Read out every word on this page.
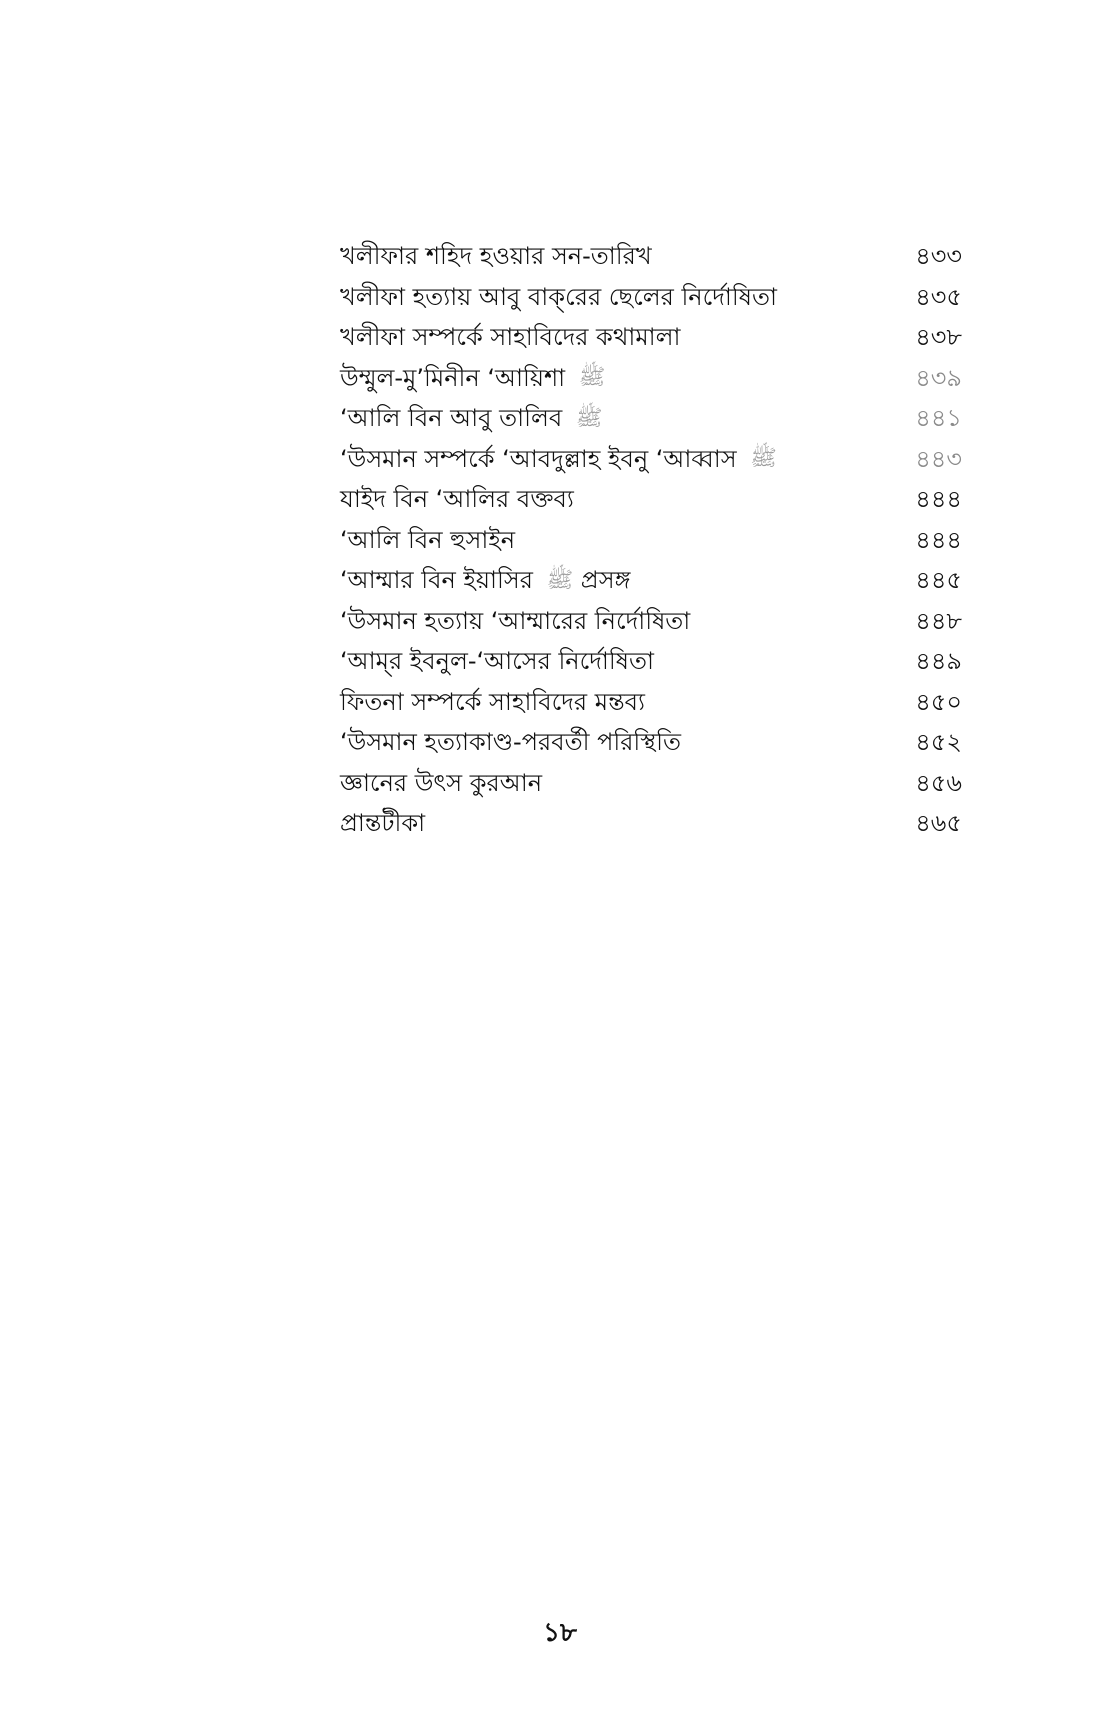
খলীফার শহিদ হওয়ার সন-তারিখ	৪৩৩
খলীফা হত্যায় আবু বাক্‌রের ছেলের নির্দোষিতা	৪৩৫
খলীফা সম্পর্কে সাহাবিদের কথামালা	৪৩৮
উম্মুল-মু’মিনীন ‘আয়িশা ﷺ	৪৩৯
‘আলি বিন আবু তালিব ﷺ	৪৪১
‘উসমান সম্পর্কে ‘আবদুল্লাহ ইবনু ‘আব্বাস ﷺ	৪৪৩
যাইদ বিন ‘আলির বক্তব্য	৪৪৪
‘আলি বিন হুসাইন	৪৪৪
‘আম্মার বিন ইয়াসির ﷺ প্রসঙ্গ	৪৪৫
‘উসমান হত্যায় ‘আম্মারের নির্দোষিতা	৪৪৮
‘আম্‌র ইবনুল-‘আসের নির্দোষিতা	৪৪৯
ফিতনা সম্পর্কে সাহাবিদের মন্তব্য	৪৫০
‘উসমান হত্যাকাণ্ড-পরবর্তী পরিস্থিতি	৪৫২
জ্ঞানের উৎস কুরআন	৪৫৬
প্রান্তটীকা	৪৬৫
১৮
